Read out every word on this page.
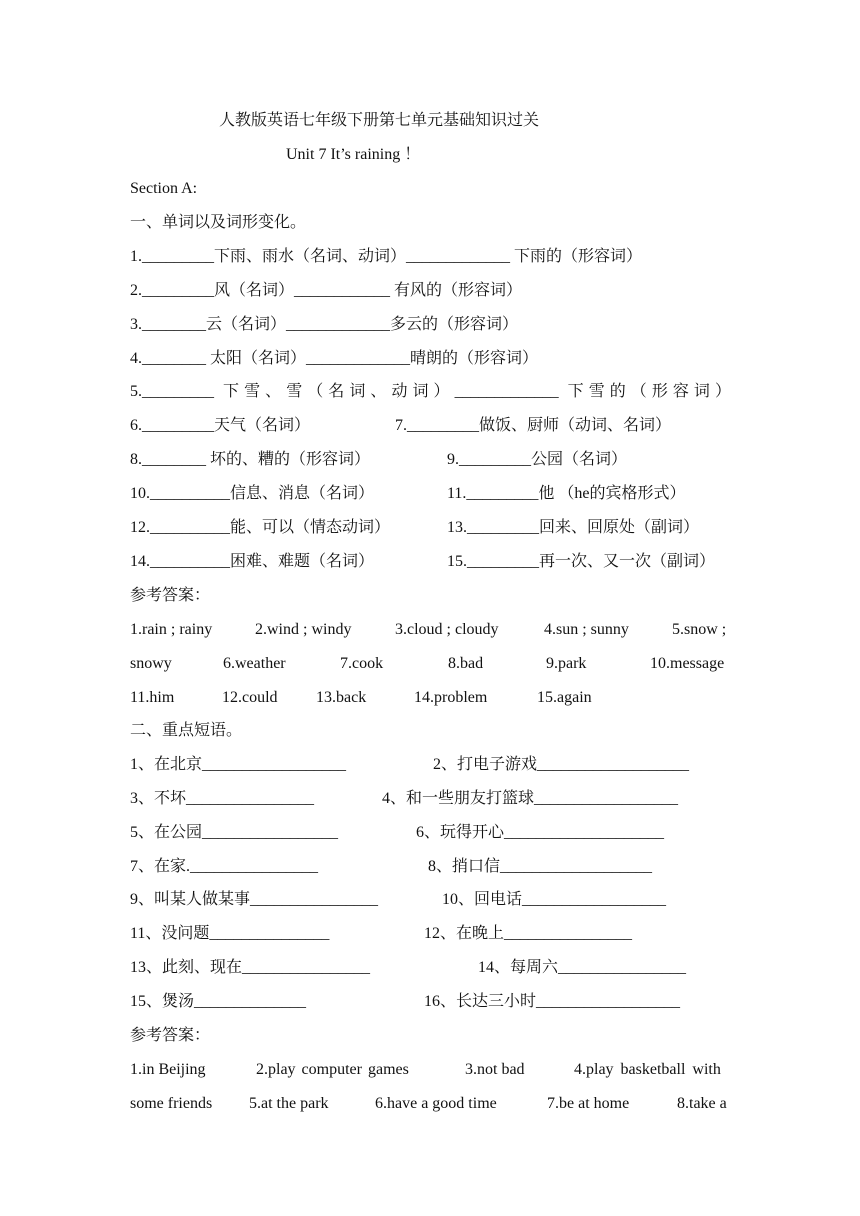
人教版英语七年级下册第七单元基础知识过关
Unit 7 It’s raining ！
Section A:
一、单词以及词形变化。
1._________下雨、雨水（名词、动词）_____________ 下雨的（形容词）
2._________风（名词）____________ 有风的（形容词）
3.________云（名词）_____________多云的（形容词）
4.________ 太阳（名词）_____________晴朗的（形容词）
5._________ 下雪、雪（名词、动词）_____________ 下雪的（形容词）
6._________天气（名词）	7._________做饭、厨师（动词、名词）
8.________ 坏的、糟的（形容词）	9._________公园（名词）
10.__________信息、消息（名词）	11._________他 （he的宾格形式）
12.__________能、可以（情态动词）	13._________回来、回原处（副词）
14.__________困难、难题（名词）	15._________再一次、又一次（副词）
参考答案：
1.rain ; rainy	2.wind ; windy	3.cloud ; cloudy	4.sun ; sunny	5.snow ;
snowy	6.weather	7.cook	8.bad	9.park	10.message
11.him	12.could 13.back	14.problem	15.again
二、重点短语。
1、在北京__________________	2、打电子游戏___________________
3、不坏________________	4、和一些朋友打篮球__________________
5、在公园_________________	6、玩得开心____________________
7、在家.________________	8、捎口信___________________
9、叫某人做某事________________	10、回电话__________________
11、没问题_______________	12、在晚上________________
13、此刻、现在________________	14、每周六________________
15、煲汤______________	16、长达三小时__________________
参考答案：
1.in Beijing	2.play computer games	3.not bad	4.play basketball with
some friends 5.at the park	6.have a good time	7.be at home	8.take a
